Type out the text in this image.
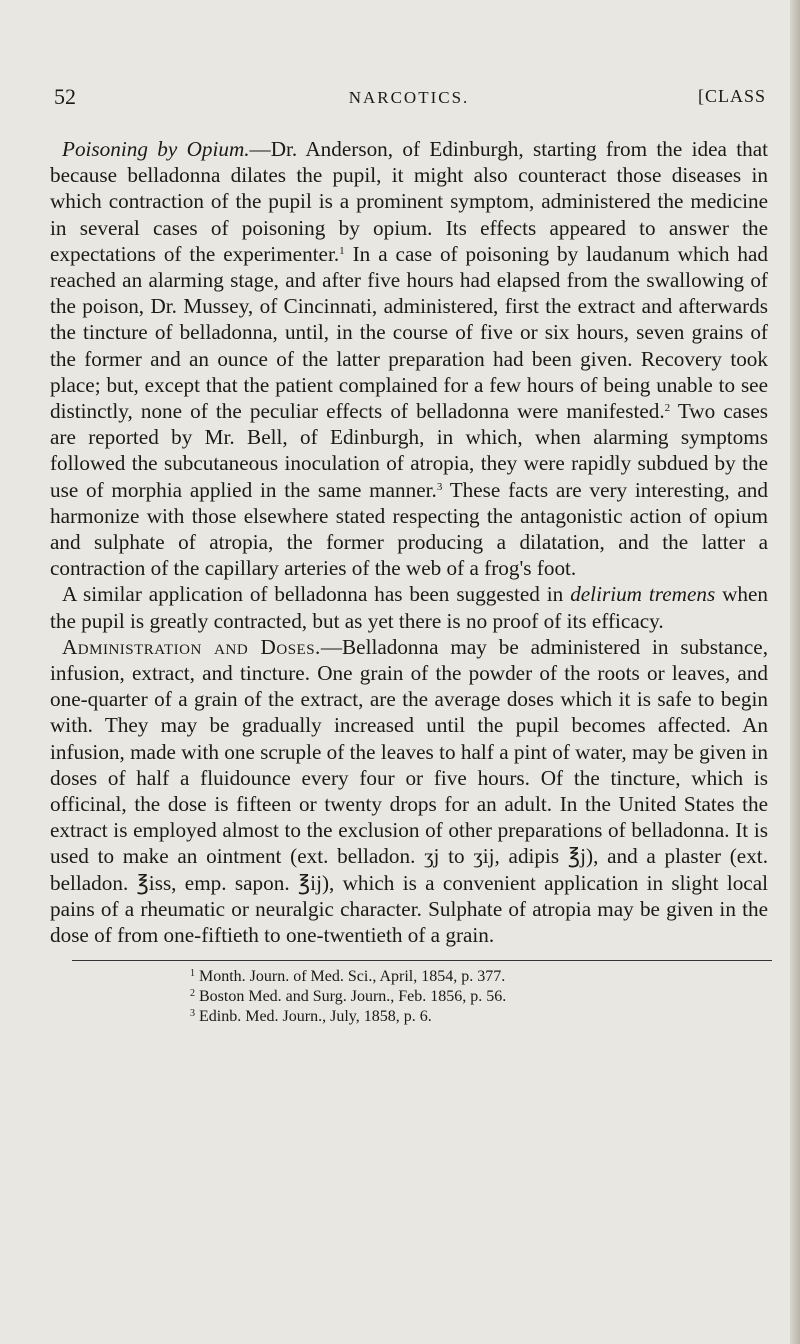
52	NARCOTICS.	[CLASS

Poisoning by Opium.—Dr. Anderson, of Edinburgh, starting from the idea that because belladonna dilates the pupil, it might also counteract those diseases in which contraction of the pupil is a prominent symptom, administered the medicine in several cases of poisoning by opium. Its effects appeared to answer the expectations of the experimenter.$^1$ In a case of poisoning by laudanum which had reached an alarming stage, and after five hours had elapsed from the swallowing of the poison, Dr. Mussey, of Cincinnati, administered, first the extract and afterwards the tincture of belladonna, until, in the course of five or six hours, seven grains of the former and an ounce of the latter preparation had been given. Recovery took place; but, except that the patient complained for a few hours of being unable to see distinctly, none of the peculiar effects of belladonna were manifested.$^2$ Two cases are reported by Mr. Bell, of Edinburgh, in which, when alarming symptoms followed the subcutaneous inoculation of atropia, they were rapidly subdued by the use of morphia applied in the same manner.$^3$ These facts are very interesting, and harmonize with those elsewhere stated respecting the antagonistic action of opium and sulphate of atropia, the former producing a dilatation, and the latter a contraction of the capillary arteries of the web of a frog's foot.

A similar application of belladonna has been suggested in delirium tremens when the pupil is greatly contracted, but as yet there is no proof of its efficacy.

Administration and Doses.—Belladonna may be administered in substance, infusion, extract, and tincture. One grain of the powder of the roots or leaves, and one-quarter of a grain of the extract, are the average doses which it is safe to begin with. They may be gradually increased until the pupil becomes affected. An infusion, made with one scruple of the leaves to half a pint of water, may be given in doses of half a fluidounce every four or five hours. Of the tincture, which is officinal, the dose is fifteen or twenty drops for an adult. In the United States the extract is employed almost to the exclusion of other preparations of belladonna. It is used to make an ointment (ext. belladon. ʒj to ʒij, adipis ℥j), and a plaster (ext. belladon. ℥iss, emp. sapon. ℥ij), which is a convenient application in slight local pains of a rheumatic or neuralgic character. Sulphate of atropia may be given in the dose of from one-fiftieth to one-twentieth of a grain.

$^1$ Month. Journ. of Med. Sci., April, 1854, p. 377.
$^2$ Boston Med. and Surg. Journ., Feb. 1856, p. 56.
$^3$ Edinb. Med. Journ., July, 1858, p. 6.
